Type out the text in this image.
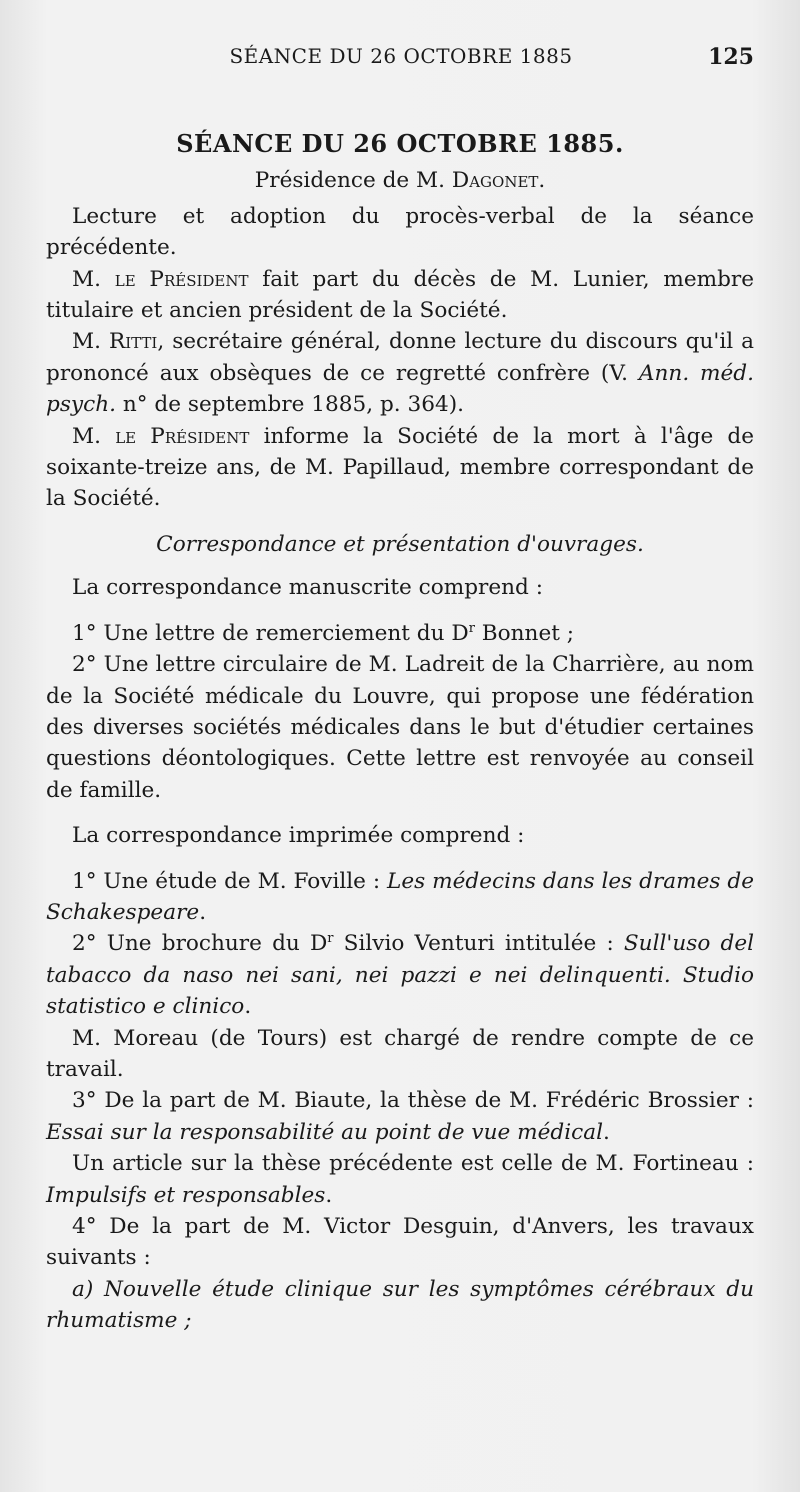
SÉANCE DU 26 OCTOBRE 1885	125

SÉANCE DU 26 OCTOBRE 1885.

Présidence de M. Dagonet.

Lecture et adoption du procès-verbal de la séance précédente.

M. le Président fait part du décès de M. Lunier, membre titulaire et ancien président de la Société.

M. Ritti, secrétaire général, donne lecture du discours qu'il a prononcé aux obsèques de ce regretté confrère (V. Ann. méd. psych. n° de septembre 1885, p. 364).

M. le Président informe la Société de la mort à l'âge de soixante-treize ans, de M. Papillaud, membre correspondant de la Société.

Correspondance et présentation d'ouvrages.

La correspondance manuscrite comprend :

1° Une lettre de remerciement du $D^r$ Bonnet ;

2° Une lettre circulaire de M. Ladreit de la Charrière, au nom de la Société médicale du Louvre, qui propose une fédération des diverses sociétés médicales dans le but d'étudier certaines questions déontologiques. Cette lettre est renvoyée au conseil de famille.

La correspondance imprimée comprend :

1° Une étude de M. Foville : Les médecins dans les drames de Schakespeare.

2° Une brochure du $D^r$ Silvio Venturi intitulée : Sull'uso del tabacco da naso nei sani, nei pazzi e nei delinquenti. Studio statistico e clinico.

M. Moreau (de Tours) est chargé de rendre compte de ce travail.

3° De la part de M. Biaute, la thèse de M. Frédéric Brossier : Essai sur la responsabilité au point de vue médical.

Un article sur la thèse précédente est celle de M. Fortineau : Impulsifs et responsables.

4° De la part de M. Victor Desguin, d'Anvers, les travaux suivants :

a) Nouvelle étude clinique sur les symptômes cérébraux du rhumatisme ;
